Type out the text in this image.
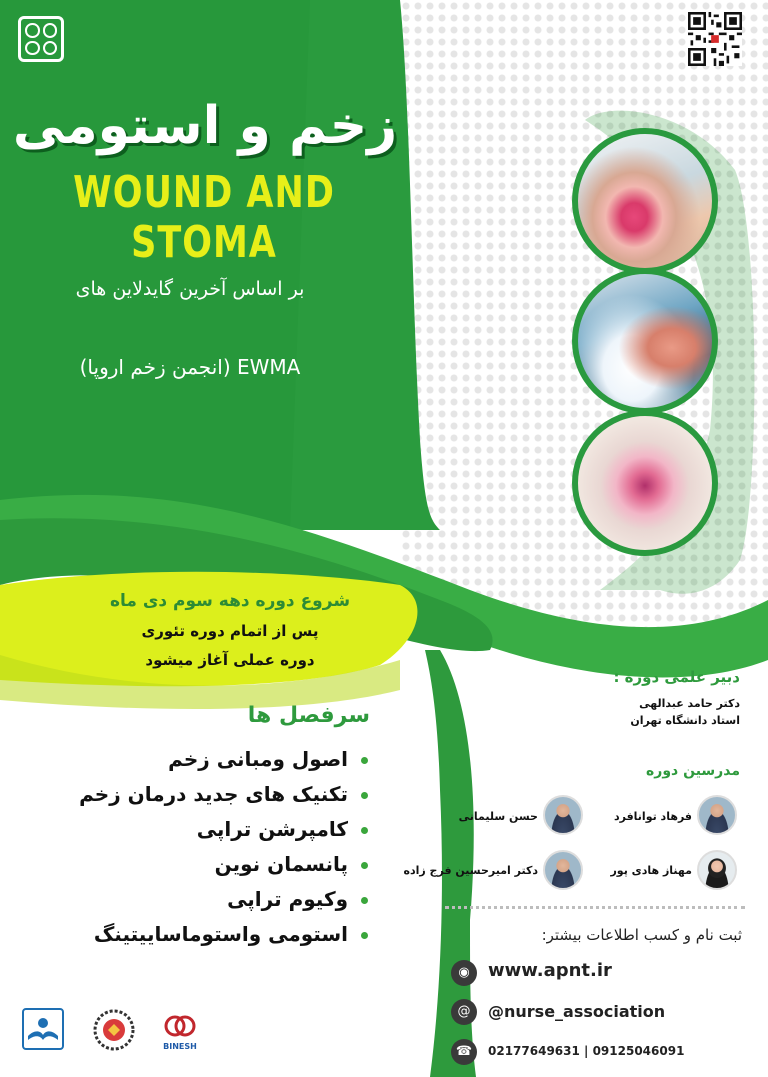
زخم و استومی
WOUND AND STOMA
بر اساس آخرین گایدلاین های
EWMA (انجمن زخم اروپا)
شروع دوره دهه سوم دی ماه
پس از اتمام دوره تئوری
دوره عملی آغاز میشود
سرفصل ها
اصول ومبانی زخم
تکنیک های جدید درمان زخم
کامپرشن تراپی
پانسمان نوین
وکیوم تراپی
استومی واستوماساییتینگ
دبیر علمی دوره :
دکتر حامد عبدالهی
استاد دانشگاه تهران
مدرسین دوره
فرهاد توانافرد
حسن سلیمانی
مهناز هادی پور
دکتر امیرحسین فرج زاده
ثبت نام و کسب اطلاعات بیشتر:
◉	www.apnt.ir
@	@nurse_association
☎	02177649631 | 09125046091
BINESH
